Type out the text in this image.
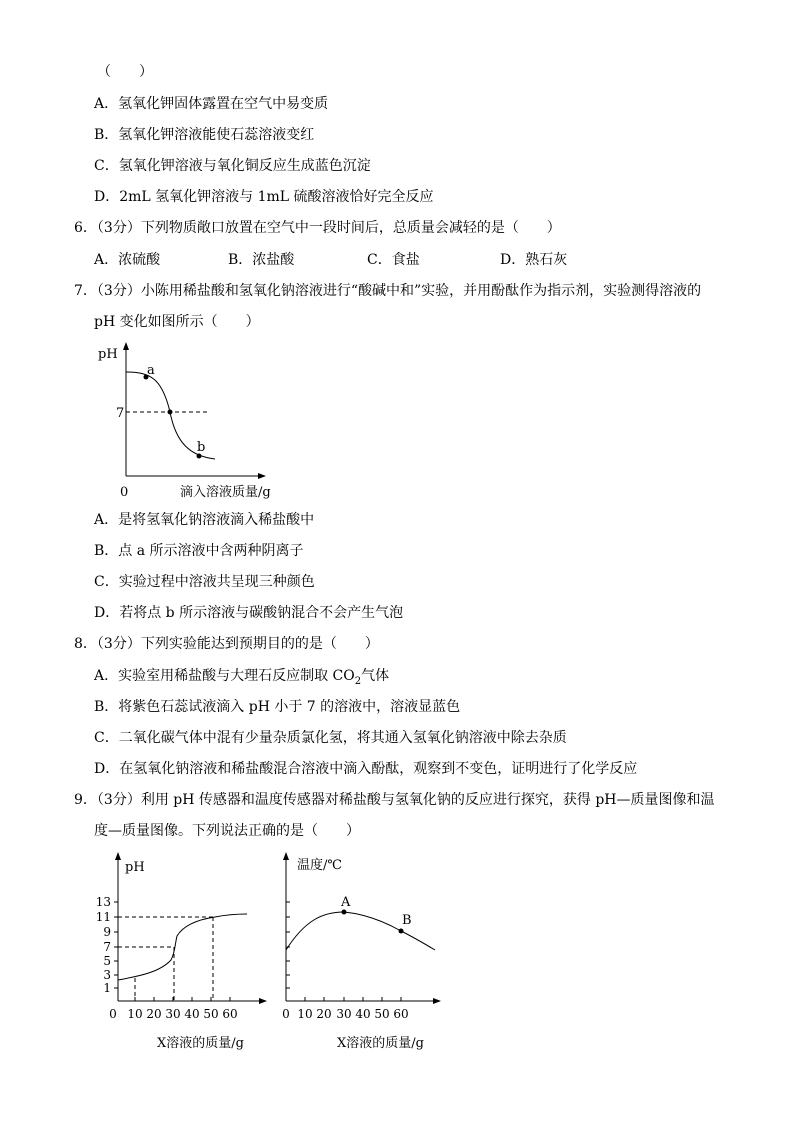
（　　）
A．氢氧化钾固体露置在空气中易变质
B．氢氧化钾溶液能使石蕊溶液变红
C．氢氧化钾溶液与氧化铜反应生成蓝色沉淀
D．2mL 氢氧化钾溶液与 1mL 硫酸溶液恰好完全反应
6．（3分）下列物质敞口放置在空气中一段时间后，总质量会减轻的是（　　）
A．浓硫酸	B．浓盐酸	C．食盐	D．熟石灰
7．（3分）小陈用稀盐酸和氢氧化钠溶液进行“酸碱中和”实验，并用酚酞作为指示剂，实验测得溶液的
pH 变化如图所示（　　）
pH
7
a
b
0	滴入溶液质量/g
A．是将氢氧化钠溶液滴入稀盐酸中
B．点 a 所示溶液中含两种阴离子
C．实验过程中溶液共呈现三种颜色
D．若将点 b 所示溶液与碳酸钠混合不会产生气泡
8．（3分）下列实验能达到预期目的的是（　　）
A．实验室用稀盐酸与大理石反应制取 $CO_2$气体
B．将紫色石蕊试液滴入 pH 小于 7 的溶液中，溶液显蓝色
C．二氧化碳气体中混有少量杂质氯化氢，将其通入氢氧化钠溶液中除去杂质
D．在氢氧化钠溶液和稀盐酸混合溶液中滴入酚酞，观察到不变色，证明进行了化学反应
9．（3分）利用 pH 传感器和温度传感器对稀盐酸与氢氧化钠的反应进行探究，获得 pH—质量图像和温
度—质量图像。下列说法正确的是（　　）
pH
13
11
9
7
5
3
1
0 10 20 30 40 50 60
X溶液的质量/g
温度/℃
A
B
0 10 20 30 40 50 60
X溶液的质量/g
